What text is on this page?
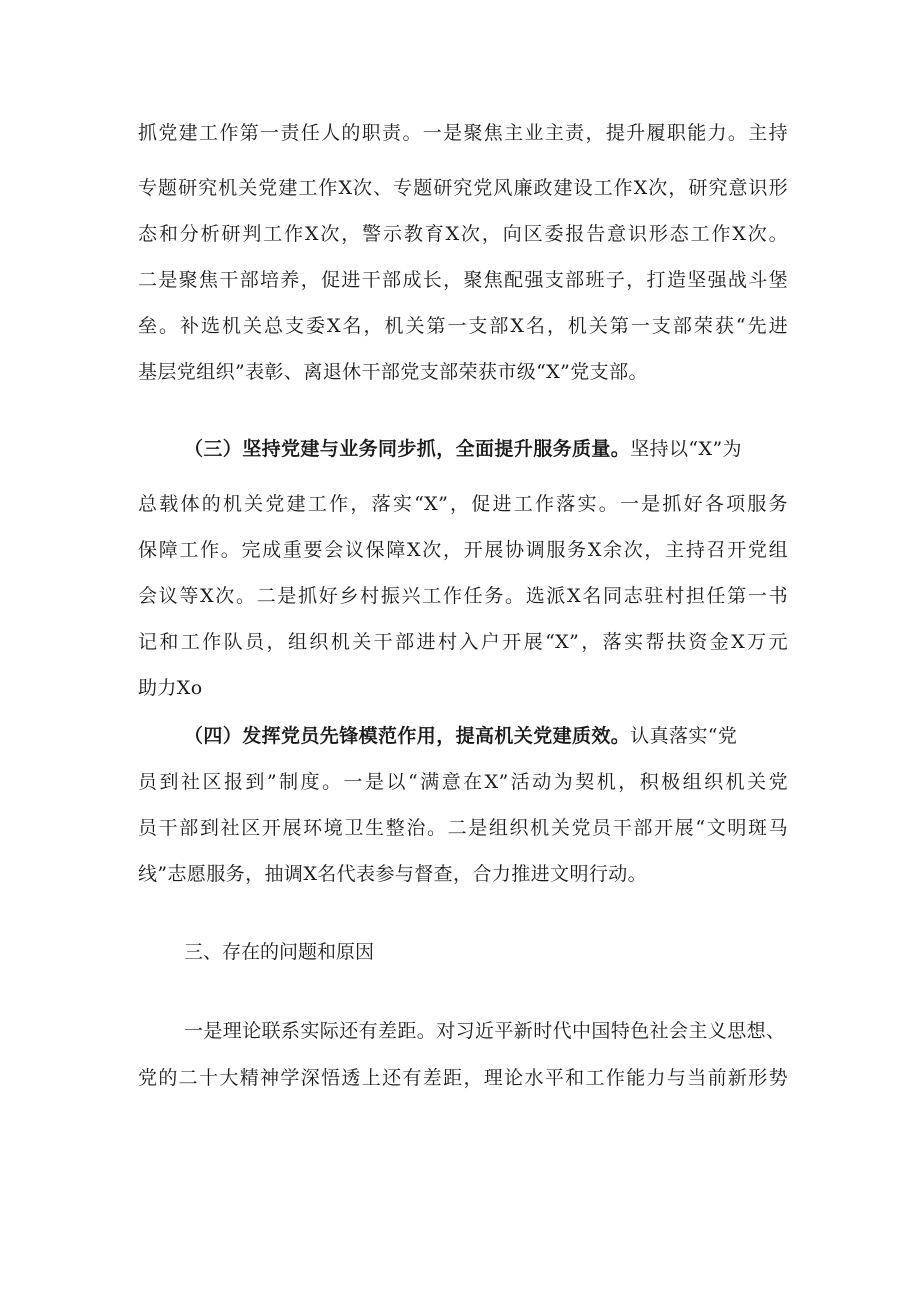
抓党建工作第一责任人的职责。一是聚焦主业主责，提升履职能力。主持
专题研究机关党建工作X次、专题研究党风廉政建设工作X次，研究意识形
态和分析研判工作X次，警示教育X次，向区委报告意识形态工作X次。
二是聚焦干部培养，促进干部成长，聚焦配强支部班子，打造坚强战斗堡
垒。补选机关总支委X名，机关第一支部X名，机关第一支部荣获“先进
基层党组织”表彰、离退休干部党支部荣获市级“X”党支部。
（三）坚持党建与业务同步抓，全面提升服务质量。坚持以“X”为
总载体的机关党建工作，落实“X”，促进工作落实。一是抓好各项服务
保障工作。完成重要会议保障X次，开展协调服务X余次，主持召开党组
会议等X次。二是抓好乡村振兴工作任务。选派X名同志驻村担任第一书
记和工作队员，组织机关干部进村入户开展“X”，落实帮扶资金X万元
助力Xo
（四）发挥党员先锋模范作用，提高机关党建质效。认真落实“党
员到社区报到”制度。一是以“满意在X”活动为契机，积极组织机关党
员干部到社区开展环境卫生整治。二是组织机关党员干部开展“文明斑马
线”志愿服务，抽调X名代表参与督查，合力推进文明行动。
三、存在的问题和原因
一是理论联系实际还有差距。对习近平新时代中国特色社会主义思想、
党的二十大精神学深悟透上还有差距，理论水平和工作能力与当前新形势
